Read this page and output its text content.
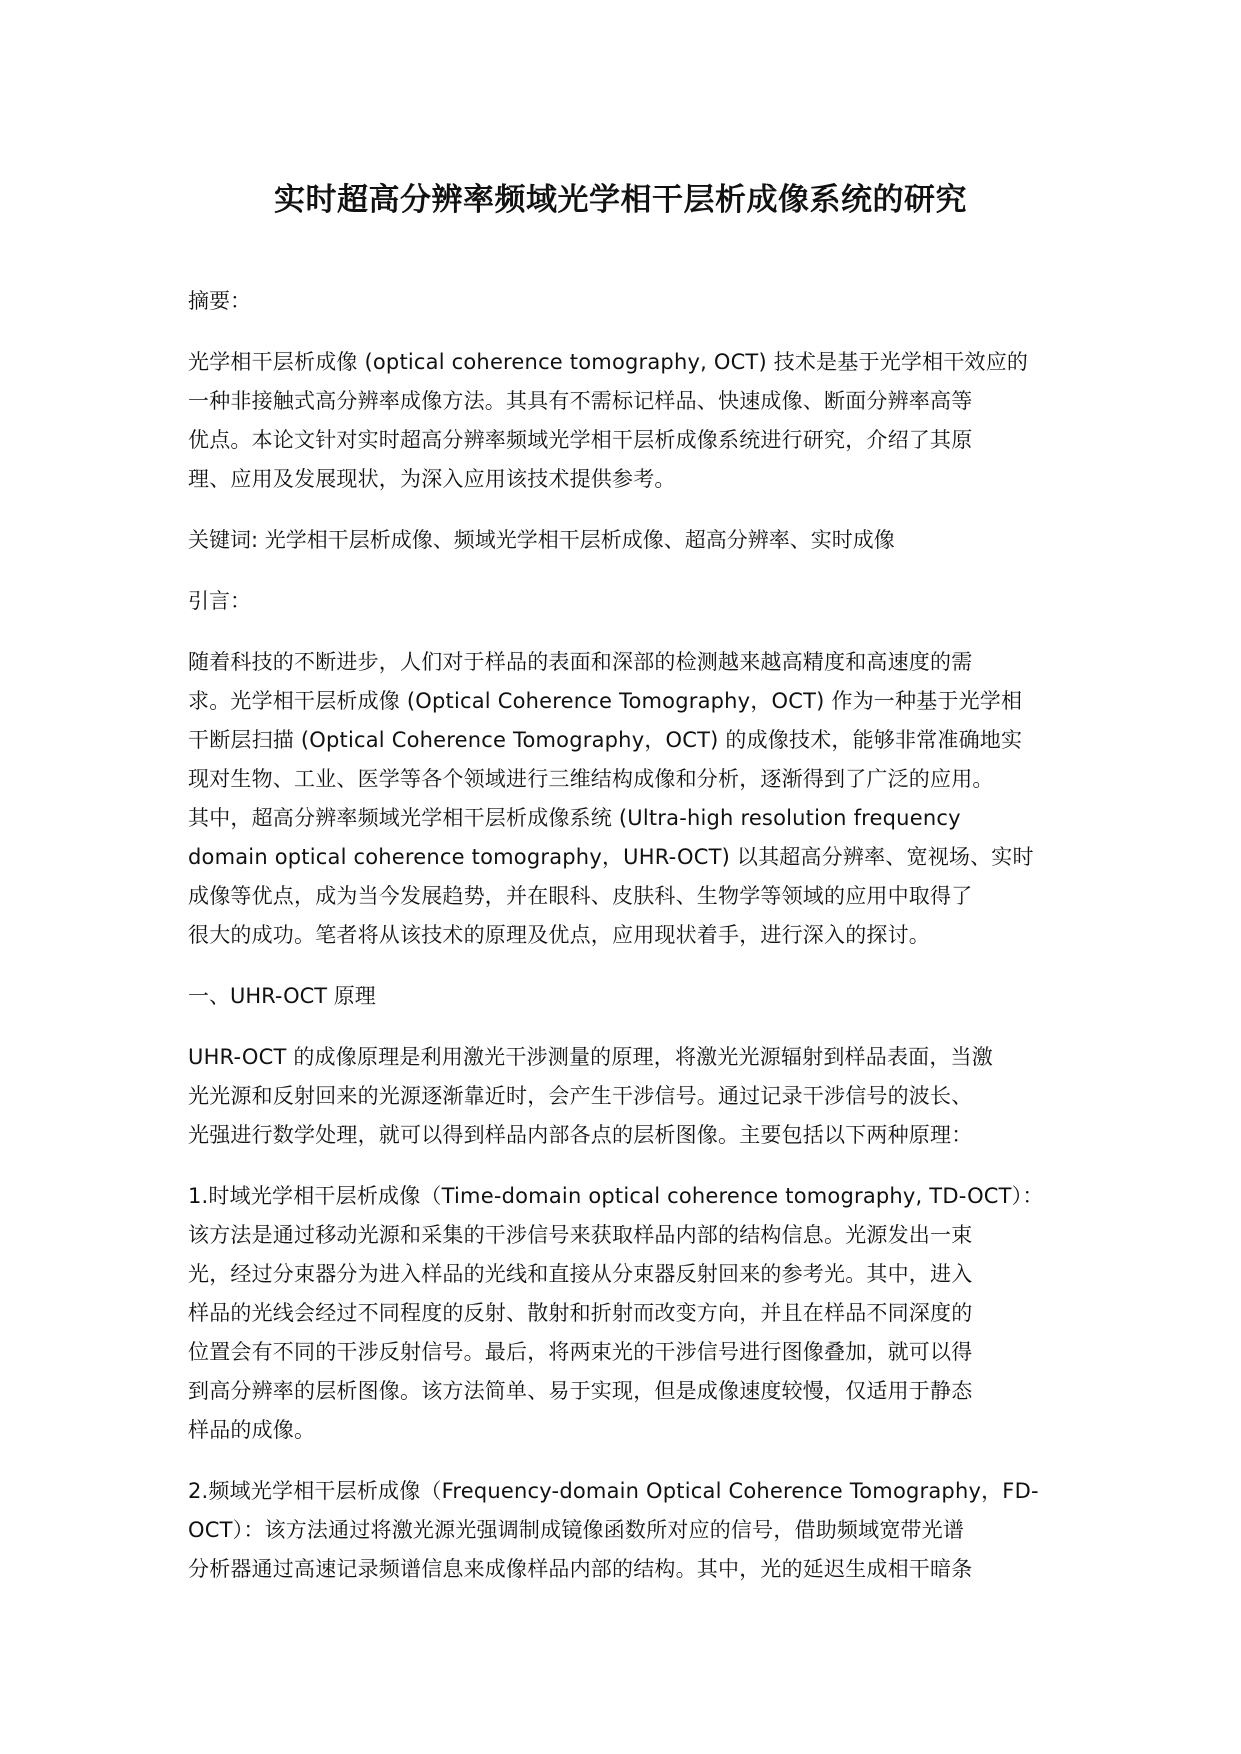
实时超高分辨率频域光学相干层析成像系统的研究

摘要：

光学相干层析成像 (optical coherence tomography, OCT) 技术是基于光学相干效应的
一种非接触式高分辨率成像方法。其具有不需标记样品、快速成像、断面分辨率高等
优点。本论文针对实时超高分辨率频域光学相干层析成像系统进行研究，介绍了其原
理、应用及发展现状，为深入应用该技术提供参考。

关键词: 光学相干层析成像、频域光学相干层析成像、超高分辨率、实时成像

引言：

随着科技的不断进步，人们对于样品的表面和深部的检测越来越高精度和高速度的需
求。光学相干层析成像 (Optical Coherence Tomography，OCT) 作为一种基于光学相
干断层扫描 (Optical Coherence Tomography，OCT) 的成像技术，能够非常准确地实
现对生物、工业、医学等各个领域进行三维结构成像和分析，逐渐得到了广泛的应用。
其中，超高分辨率频域光学相干层析成像系统 (Ultra-high resolution frequency
domain optical coherence tomography，UHR-OCT) 以其超高分辨率、宽视场、实时
成像等优点，成为当今发展趋势，并在眼科、皮肤科、生物学等领域的应用中取得了
很大的成功。笔者将从该技术的原理及优点，应用现状着手，进行深入的探讨。

一、UHR-OCT 原理

UHR-OCT 的成像原理是利用激光干涉测量的原理，将激光光源辐射到样品表面，当激
光光源和反射回来的光源逐渐靠近时，会产生干涉信号。通过记录干涉信号的波长、
光强进行数学处理，就可以得到样品内部各点的层析图像。主要包括以下两种原理：

1.时域光学相干层析成像（Time-domain optical coherence tomography, TD-OCT）：
该方法是通过移动光源和采集的干涉信号来获取样品内部的结构信息。光源发出一束
光，经过分束器分为进入样品的光线和直接从分束器反射回来的参考光。其中，进入
样品的光线会经过不同程度的反射、散射和折射而改变方向，并且在样品不同深度的
位置会有不同的干涉反射信号。最后，将两束光的干涉信号进行图像叠加，就可以得
到高分辨率的层析图像。该方法简单、易于实现，但是成像速度较慢，仅适用于静态
样品的成像。

2.频域光学相干层析成像（Frequency-domain Optical Coherence Tomography，FD-
OCT）：该方法通过将激光源光强调制成镜像函数所对应的信号，借助频域宽带光谱
分析器通过高速记录频谱信息来成像样品内部的结构。其中，光的延迟生成相干暗条
